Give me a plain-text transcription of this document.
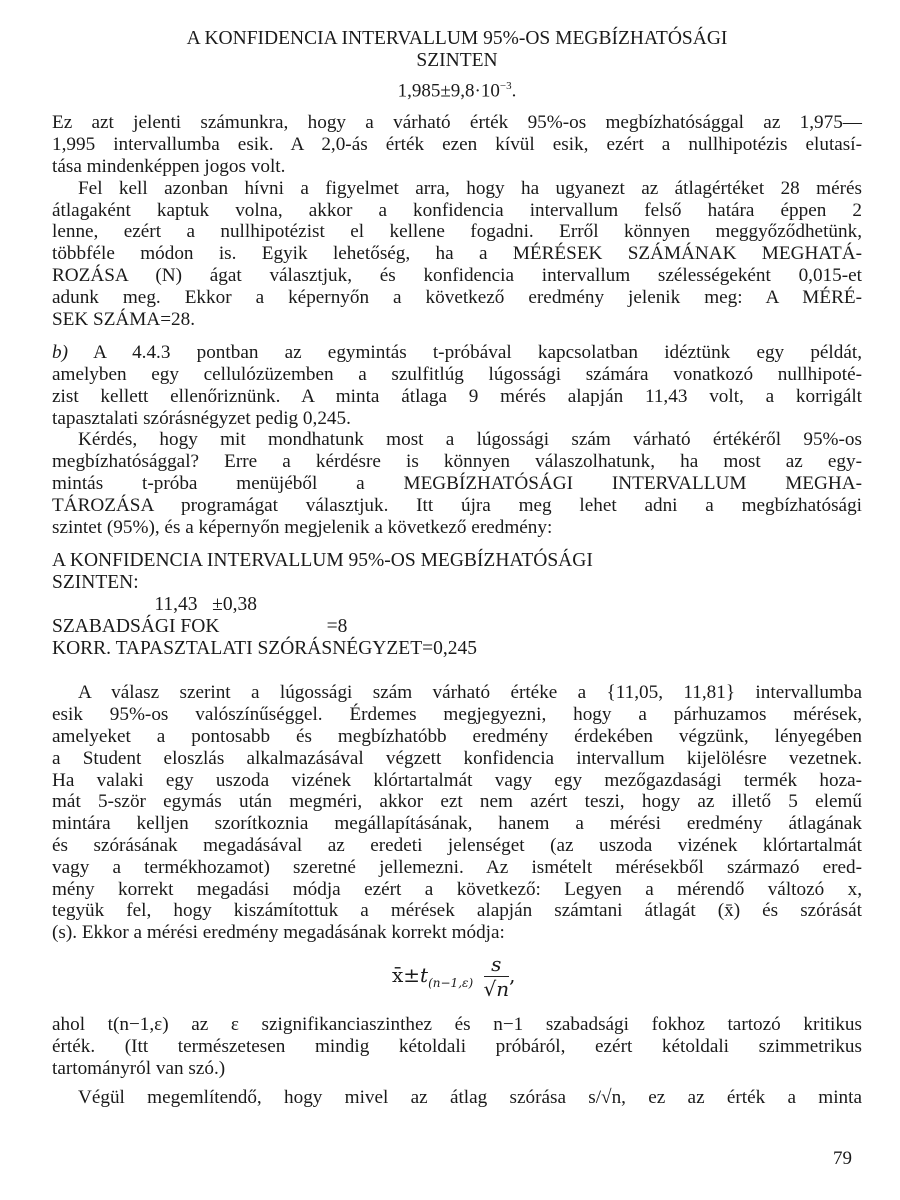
A KONFIDENCIA INTERVALLUM 95%-OS MEGBÍZHATÓSÁGI
SZINTEN
$1,985\pm 9,8\cdot 10^{-3}$.
Ez azt jelenti számunkra, hogy a várható érték 95%-os megbízhatósággal az 1,975—
1,995 intervallumba esik. A 2,0-ás érték ezen kívül esik, ezért a nullhipotézis elutasí-
tása mindenképpen jogos volt.
Fel kell azonban hívni a figyelmet arra, hogy ha ugyanezt az átlagértéket 28 mérés
átlagaként kaptuk volna, akkor a konfidencia intervallum felső határa éppen 2
lenne, ezért a nullhipotézist el kellene fogadni. Erről könnyen meggyőződhetünk,
többféle módon is. Egyik lehetőség, ha a MÉRÉSEK SZÁMÁNAK MEGHATÁ-
ROZÁSA (N) ágat választjuk, és konfidencia intervallum szélességeként 0,015-et
adunk meg. Ekkor a képernyőn a következő eredmény jelenik meg: A MÉRÉ-
SEK SZÁMA=28.
b) A 4.4.3 pontban az egymintás t-próbával kapcsolatban idéztünk egy példát,
amelyben egy cellulózüzemben a szulfitlúg lúgossági számára vonatkozó nullhipoté-
zist kellett ellenőriznünk. A minta átlaga 9 mérés alapján 11,43 volt, a korrigált
tapasztalati szórásnégyzet pedig 0,245.
Kérdés, hogy mit mondhatunk most a lúgossági szám várható értékéről 95%-os
megbízhatósággal? Erre a kérdésre is könnyen válaszolhatunk, ha most az egy-
mintás t-próba menüjéből a MEGBÍZHATÓSÁGI INTERVALLUM MEGHA-
TÁROZÁSA programágat választjuk. Itt újra meg lehet adni a megbízhatósági
szintet (95%), és a képernyőn megjelenik a következő eredmény:
A KONFIDENCIA INTERVALLUM 95%-OS MEGBÍZHATÓSÁGI
SZINTEN:
11,43   ±0,38
SZABADSÁGI FOK                      =8
KORR. TAPASZTALATI SZÓRÁSNÉGYZET=0,245
A válasz szerint a lúgossági szám várható értéke a {11,05, 11,81} intervallumba
esik 95%-os valószínűséggel. Érdemes megjegyezni, hogy a párhuzamos mérések,
amelyeket a pontosabb és megbízhatóbb eredmény érdekében végzünk, lényegében
a Student eloszlás alkalmazásával végzett konfidencia intervallum kijelölésre vezetnek.
Ha valaki egy uszoda vizének klórtartalmát vagy egy mezőgazdasági termék hoza-
mát 5-ször egymás után megméri, akkor ezt nem azért teszi, hogy az illető 5 elemű
mintára kelljen szorítkoznia megállapításának, hanem a mérési eredmény átlagának
és szórásának megadásával az eredeti jelenséget (az uszoda vizének klórtartalmát
vagy a termékhozamot) szeretné jellemezni. Az ismételt mérésekből származó ered-
mény korrekt megadási módja ezért a következő: Legyen a mérendő változó x,
tegyük fel, hogy kiszámítottuk a mérések alapján számtani átlagát (x̄) és szórását
(s). Ekkor a mérési eredmény megadásának korrekt módja:
$x̄\pm t_{(n-1,\varepsilon)} \frac{s}{√n}$ ,
ahol t(n−1,ε) az ε szignifikanciaszinthez és n−1 szabadsági fokhoz tartozó kritikus
érték. (Itt természetesen mindig kétoldali próbáról, ezért kétoldali szimmetrikus
tartományról van szó.)
Végül megemlítendő, hogy mivel az átlag szórása s/√n, ez az érték a minta
79
